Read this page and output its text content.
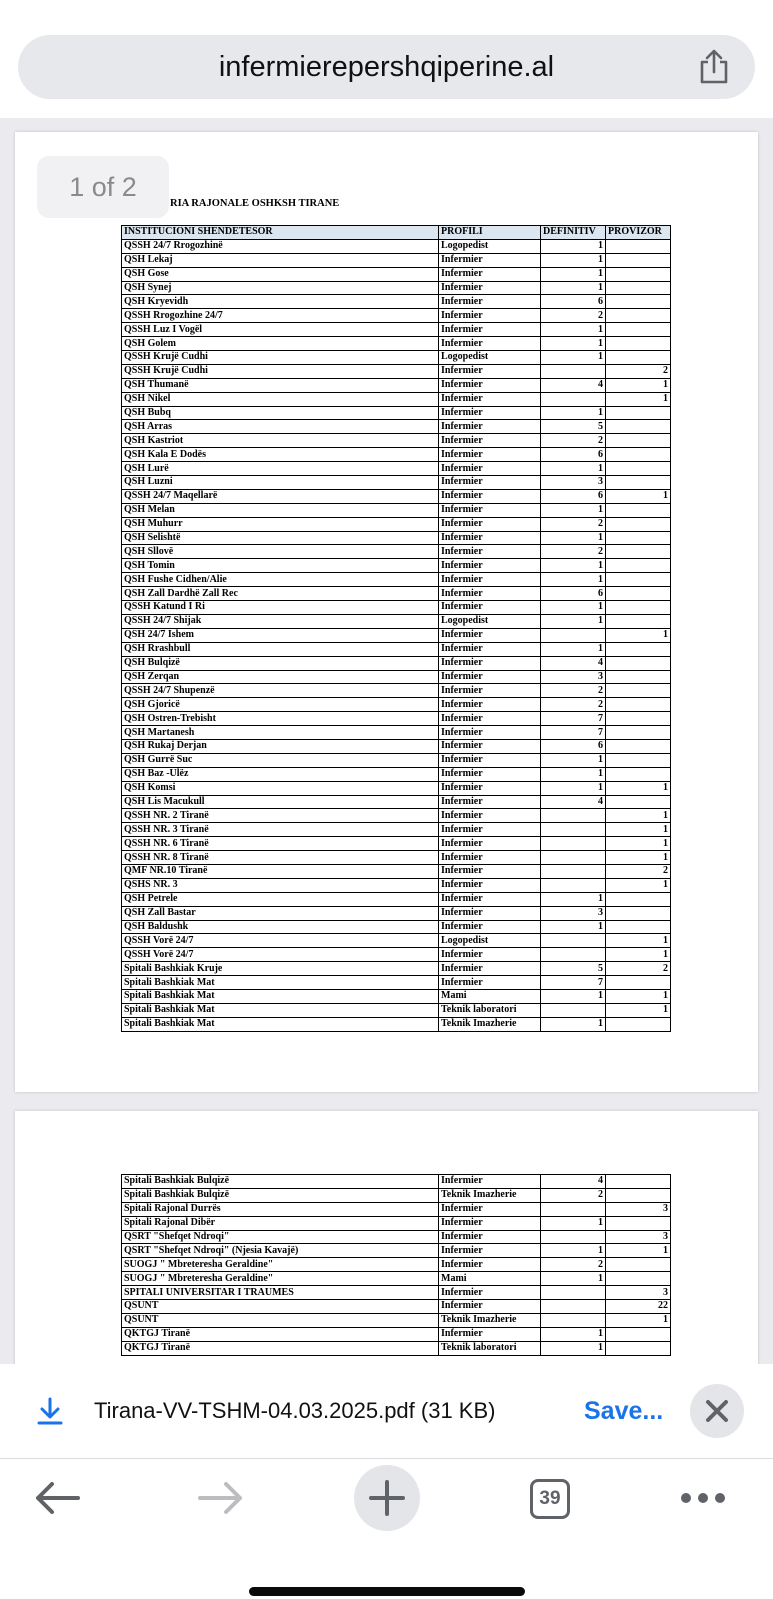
infermierepershqiperine.al
RIA RAJONALE OSHKSH TIRANE
INSTITUCIONI SHENDETESOR	PROFILI	DEFINITIV	PROVIZOR
QSSH 24/7 Rrogozhinë	Logopedist	1	
QSH Lekaj	Infermier	1	
QSH Gose	Infermier	1	
QSH Synej	Infermier	1	
QSH Kryevidh	Infermier	6	
QSSH Rrogozhine 24/7	Infermier	2	
QSSH Luz I Vogël	Infermier	1	
QSH Golem	Infermier	1	
QSSH Krujë Cudhi	Logopedist	1	
QSSH Krujë Cudhi	Infermier		2
QSH Thumanë	Infermier	4	1
QSH Nikel	Infermier		1
QSH Bubq	Infermier	1	
QSH Arras	Infermier	5	
QSH Kastriot	Infermier	2	
QSH Kala E Dodës	Infermier	6	
QSH Lurë	Infermier	1	
QSH Luzni	Infermier	3	
QSSH 24/7 Maqellarë	Infermier	6	1
QSH Melan	Infermier	1	
QSH Muhurr	Infermier	2	
QSH Selishtë	Infermier	1	
QSH Sllovë	Infermier	2	
QSH Tomin	Infermier	1	
QSH Fushe Cidhen/Alie	Infermier	1	
QSH Zall Dardhë Zall Rec	Infermier	6	
QSSH Katund I Ri	Infermier	1	
QSSH 24/7 Shijak	Logopedist	1	
QSH 24/7 Ishem	Infermier		1
QSH Rrashbull	Infermier	1	
QSH Bulqizë	Infermier	4	
QSH Zerqan	Infermier	3	
QSSH 24/7 Shupenzë	Infermier	2	
QSH Gjoricë	Infermier	2	
QSH Ostren-Trebisht	Infermier	7	
QSH Martanesh	Infermier	7	
QSH Rukaj Derjan	Infermier	6	
QSH Gurrë Suc	Infermier	1	
QSH Baz -Ulëz	Infermier	1	
QSH Komsi	Infermier	1	1
QSH Lis Macukull	Infermier	4	
QSSH NR. 2 Tiranë	Infermier		1
QSSH NR. 3 Tiranë	Infermier		1
QSSH NR. 6 Tiranë	Infermier		1
QSSH NR. 8 Tiranë	Infermier		1
QMF NR.10 Tiranë	Infermier		2
QSHS NR. 3	Infermier		1
QSH Petrele	Infermier	1	
QSH Zall Bastar	Infermier	3	
QSH Baldushk	Infermier	1	
QSSH Vorë 24/7	Logopedist		1
QSSH Vorë 24/7	Infermier		1
Spitali Bashkiak Kruje	Infermier	5	2
Spitali Bashkiak Mat	Infermier	7	
Spitali Bashkiak Mat	Mami	1	1
Spitali Bashkiak Mat	Teknik laboratori		1
Spitali Bashkiak Mat	Teknik Imazherie	1	
1 of 2
Spitali Bashkiak Bulqizë	Infermier	4	
Spitali Bashkiak Bulqizë	Teknik Imazherie	2	
Spitali Rajonal Durrës	Infermier		3
Spitali Rajonal Dibër	Infermier	1	
QSRT "Shefqet Ndroqi"	Infermier		3
QSRT "Shefqet Ndroqi" (Njesia Kavajë)	Infermier	1	1
SUOGJ " Mbreteresha Geraldine"	Infermier	2	
SUOGJ " Mbreteresha Geraldine"	Mami	1	
SPITALI UNIVERSITAR I TRAUMES	Infermier		3
QSUNT	Infermier		22
QSUNT	Teknik Imazherie		1
QKTGJ Tiranë	Infermier	1	
QKTGJ Tiranë	Teknik laboratori	1	
Tirana-VV-TSHM-04.03.2025.pdf (31 KB)	Save...
39
